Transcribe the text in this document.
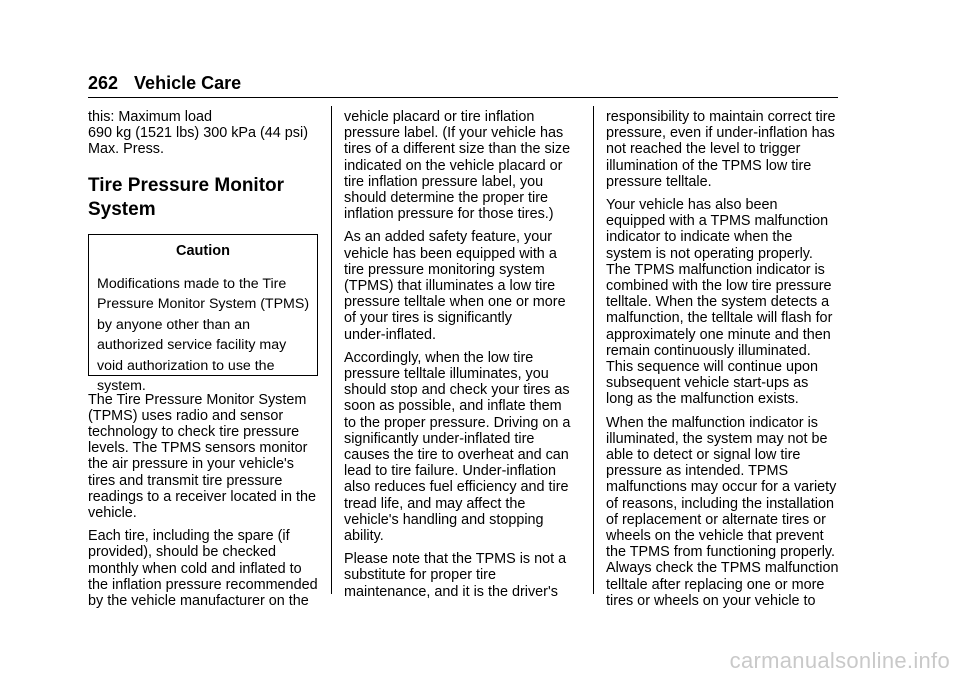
262 Vehicle Care

this: Maximum load
690 kg (1521 lbs) 300 kPa (44 psi)
Max. Press.

Tire Pressure Monitor
System
Caution
Modifications made to the Tire
Pressure Monitor System (TPMS)
by anyone other than an
authorized service facility may
void authorization to use the
system.

The Tire Pressure Monitor System
(TPMS) uses radio and sensor
technology to check tire pressure
levels. The TPMS sensors monitor
the air pressure in your vehicle's
tires and transmit tire pressure
readings to a receiver located in the
vehicle.

Each tire, including the spare (if
provided), should be checked
monthly when cold and inflated to
the inflation pressure recommended
by the vehicle manufacturer on the

vehicle placard or tire inflation
pressure label. (If your vehicle has
tires of a different size than the size
indicated on the vehicle placard or
tire inflation pressure label, you
should determine the proper tire
inflation pressure for those tires.)

As an added safety feature, your
vehicle has been equipped with a
tire pressure monitoring system
(TPMS) that illuminates a low tire
pressure telltale when one or more
of your tires is significantly
under-inflated.

Accordingly, when the low tire
pressure telltale illuminates, you
should stop and check your tires as
soon as possible, and inflate them
to the proper pressure. Driving on a
significantly under-inflated tire
causes the tire to overheat and can
lead to tire failure. Under-inflation
also reduces fuel efficiency and tire
tread life, and may affect the
vehicle's handling and stopping
ability.

Please note that the TPMS is not a
substitute for proper tire
maintenance, and it is the driver's

responsibility to maintain correct tire
pressure, even if under-inflation has
not reached the level to trigger
illumination of the TPMS low tire
pressure telltale.

Your vehicle has also been
equipped with a TPMS malfunction
indicator to indicate when the
system is not operating properly.
The TPMS malfunction indicator is
combined with the low tire pressure
telltale. When the system detects a
malfunction, the telltale will flash for
approximately one minute and then
remain continuously illuminated.
This sequence will continue upon
subsequent vehicle start-ups as
long as the malfunction exists.

When the malfunction indicator is
illuminated, the system may not be
able to detect or signal low tire
pressure as intended. TPMS
malfunctions may occur for a variety
of reasons, including the installation
of replacement or alternate tires or
wheels on the vehicle that prevent
the TPMS from functioning properly.
Always check the TPMS malfunction
telltale after replacing one or more
tires or wheels on your vehicle to

carmanualsonline.info
